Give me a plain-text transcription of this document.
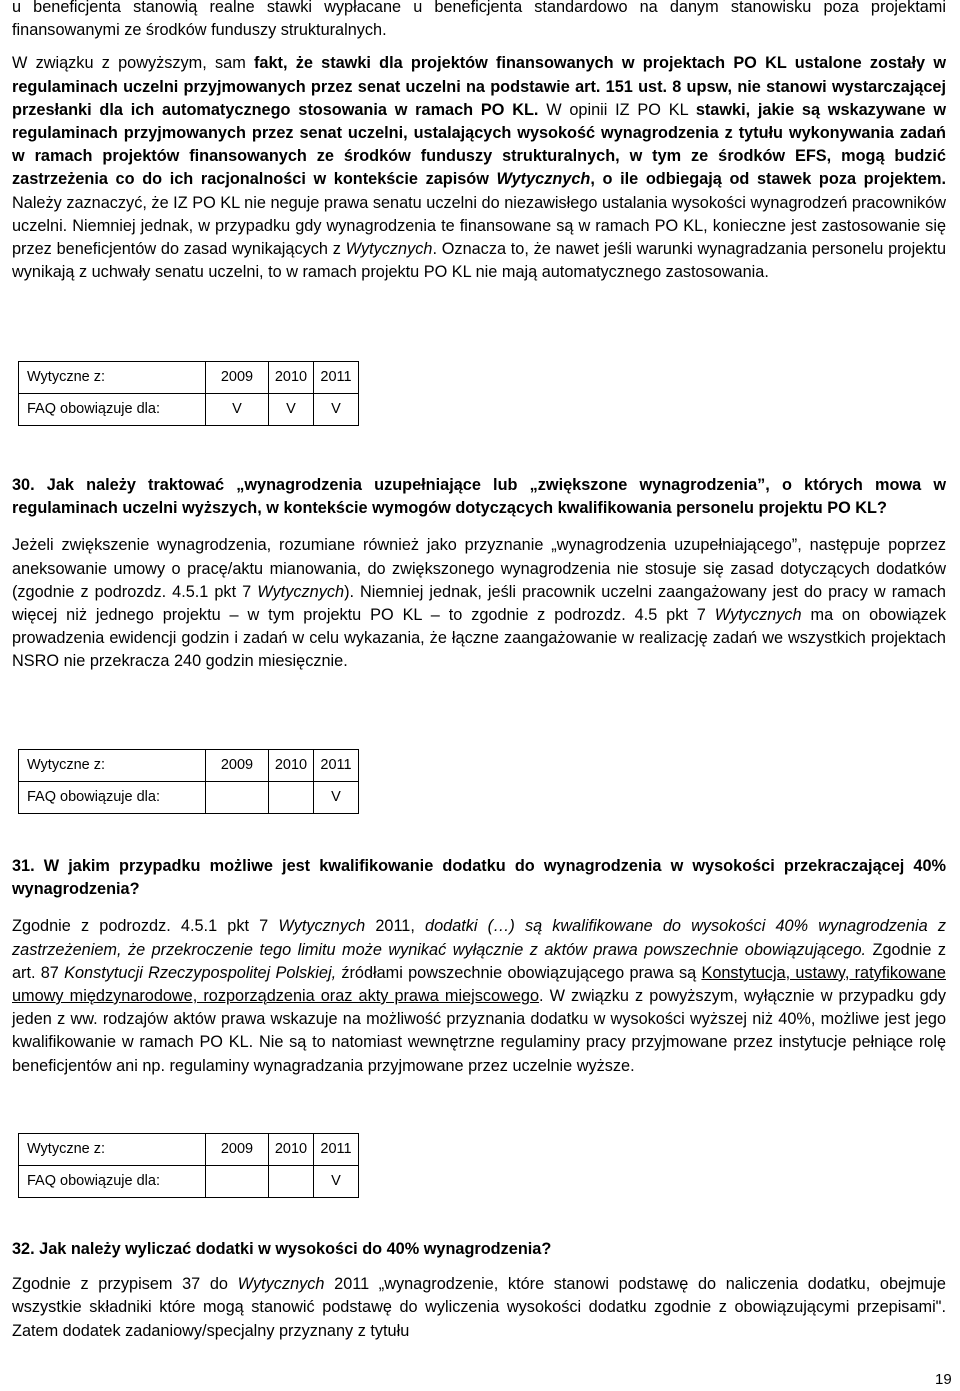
u beneficjenta stanowią realne stawki wypłacane u beneficjenta standardowo na danym stanowisku poza projektami finansowanymi ze środków funduszy strukturalnych.

W związku z powyższym, sam fakt, że stawki dla projektów finansowanych w projektach PO KL ustalone zostały w regulaminach uczelni przyjmowanych przez senat uczelni na podstawie art. 151 ust. 8 upsw, nie stanowi wystarczającej przesłanki dla ich automatycznego stosowania w ramach PO KL. W opinii IZ PO KL stawki, jakie są wskazywane w regulaminach przyjmowanych przez senat uczelni, ustalających wysokość wynagrodzenia z tytułu wykonywania zadań w ramach projektów finansowanych ze środków funduszy strukturalnych, w tym ze środków EFS, mogą budzić zastrzeżenia co do ich racjonalności w kontekście zapisów Wytycznych, o ile odbiegają od stawek poza projektem. Należy zaznaczyć, że IZ PO KL nie neguje prawa senatu uczelni do niezawisłego ustalania wysokości wynagrodzeń pracowników uczelni. Niemniej jednak, w przypadku gdy wynagrodzenia te finansowane są w ramach PO KL, konieczne jest zastosowanie się przez beneficjentów do zasad wynikających z Wytycznych. Oznacza to, że nawet jeśli warunki wynagradzania personelu projektu wynikają z uchwały senatu uczelni, to w ramach projektu PO KL nie mają automatycznego zastosowania.

Wytyczne z:	2009	2010	2011
FAQ obowiązuje dla:	V	V	V

30. Jak należy traktować „wynagrodzenia uzupełniające lub „zwiększone wynagrodzenia”, o których mowa w regulaminach uczelni wyższych, w kontekście wymogów dotyczących kwalifikowania personelu projektu PO KL?

Jeżeli zwiększenie wynagrodzenia, rozumiane również jako przyznanie „wynagrodzenia uzupełniającego”, następuje poprzez aneksowanie umowy o pracę/aktu mianowania, do zwiększonego wynagrodzenia nie stosuje się zasad dotyczących dodatków (zgodnie z podrozdz. 4.5.1 pkt 7 Wytycznych). Niemniej jednak, jeśli pracownik uczelni zaangażowany jest do pracy w ramach więcej niż jednego projektu – w tym projektu PO KL – to zgodnie z podrozdz. 4.5 pkt 7 Wytycznych ma on obowiązek prowadzenia ewidencji godzin i zadań w celu wykazania, że łączne zaangażowanie w realizację zadań we wszystkich projektach NSRO nie przekracza 240 godzin miesięcznie.

Wytyczne z:	2009	2010	2011
FAQ obowiązuje dla:			V

31. W jakim przypadku możliwe jest kwalifikowanie dodatku do wynagrodzenia w wysokości przekraczającej 40% wynagrodzenia?

Zgodnie z podrozdz. 4.5.1 pkt 7 Wytycznych 2011, dodatki (…) są kwalifikowane do wysokości 40% wynagrodzenia z zastrzeżeniem, że przekroczenie tego limitu może wynikać wyłącznie z aktów prawa powszechnie obowiązującego. Zgodnie z art. 87 Konstytucji Rzeczypospolitej Polskiej, źródłami powszechnie obowiązującego prawa są Konstytucja, ustawy, ratyfikowane umowy międzynarodowe, rozporządzenia oraz akty prawa miejscowego. W związku z powyższym, wyłącznie w przypadku gdy jeden z ww. rodzajów aktów prawa wskazuje na możliwość przyznania dodatku w wysokości wyższej niż 40%, możliwe jest jego kwalifikowanie w ramach PO KL. Nie są to natomiast wewnętrzne regulaminy pracy przyjmowane przez instytucje pełniące rolę beneficjentów ani np. regulaminy wynagradzania przyjmowane przez uczelnie wyższe.

Wytyczne z:	2009	2010	2011
FAQ obowiązuje dla:			V

32. Jak należy wyliczać dodatki w wysokości do 40% wynagrodzenia?

Zgodnie z przypisem 37 do Wytycznych 2011 „wynagrodzenie, które stanowi podstawę do naliczenia dodatku, obejmuje wszystkie składniki które mogą stanowić podstawę do wyliczenia wysokości dodatku zgodnie z obowiązującymi przepisami". Zatem dodatek zadaniowy/specjalny przyznany z tytułu

19
